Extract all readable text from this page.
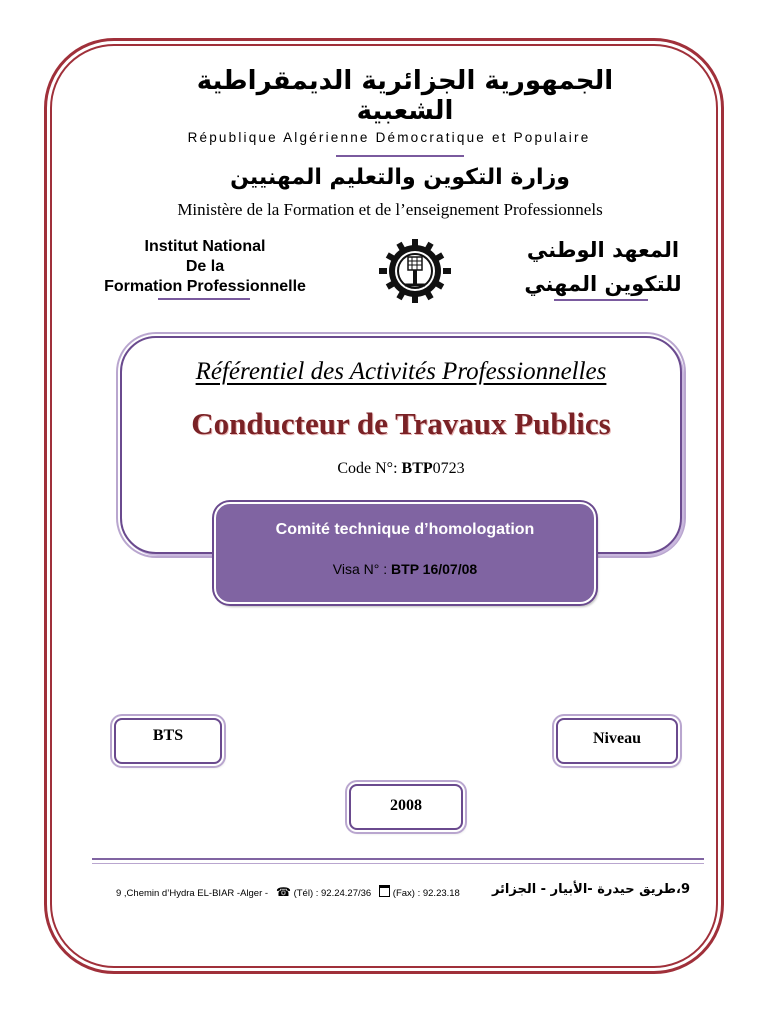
الجمهورية الجزائرية الديمقراطية الشعبية
République Algérienne Démocratique et Populaire
وزارة التكوين والتعليم المهنيين
Ministère de la Formation et de l’enseignement Professionnels
Institut National
De la
Formation Professionnelle
المعهد الوطني
للتكوين المهني
Référentiel des Activités Professionnelles
Conducteur de Travaux Publics
Code N°: BTP0723
Comité technique d’homologation
Visa N° : BTP 16/07/08
BTS	Niveau
2008
9 ,Chemin d’Hydra EL-BIAR -Alger - ☎ (Tél) : 92.24.27/36 (Fax) : 92.23.18	9،طريق حيدرة -الأبيار - الجزائر
